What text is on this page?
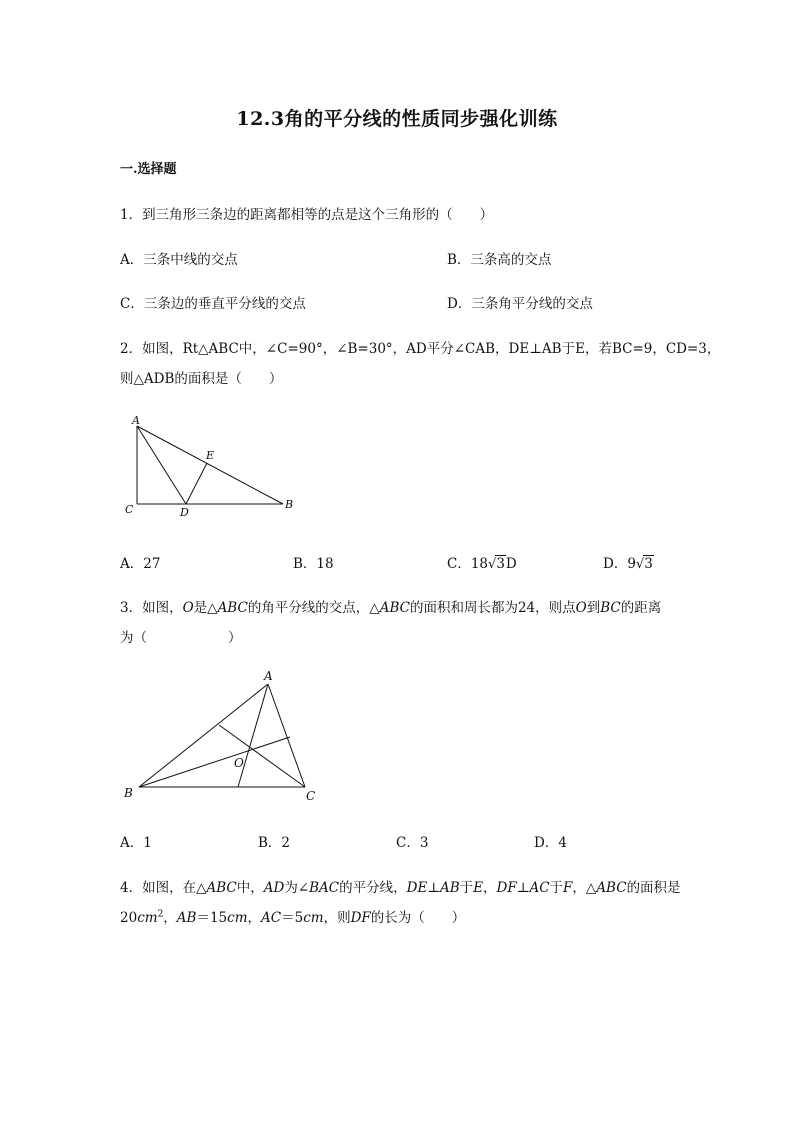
12.3角的平分线的性质同步强化训练
一.选择题
1．到三角形三条边的距离都相等的点是这个三角形的（　　）
A．三条中线的交点	B．三条高的交点
C．三条边的垂直平分线的交点	D．三条角平分线的交点
2．如图，Rt△ABC中，∠C=90°，∠B=30°，AD平分∠CAB，DE⊥AB于E，若BC=9，CD=3，
则△ADB的面积是（　　）
A
C	D
E
B
A．27	B．18	C．18√3D	D．9√3
3．如图，O是△ABC的角平分线的交点，△ABC的面积和周长都为24，则点O到BC的距离
为（　　　　　　）
A
B	C
O
A．1	B．2	C．3	D．4
4．如图，在△ABC中，AD为∠BAC的平分线，DE⊥AB于E，DF⊥AC于F，△ABC的面积是
$20cm^2$，AB＝15cm，AC＝5cm，则DF的长为（　　）
